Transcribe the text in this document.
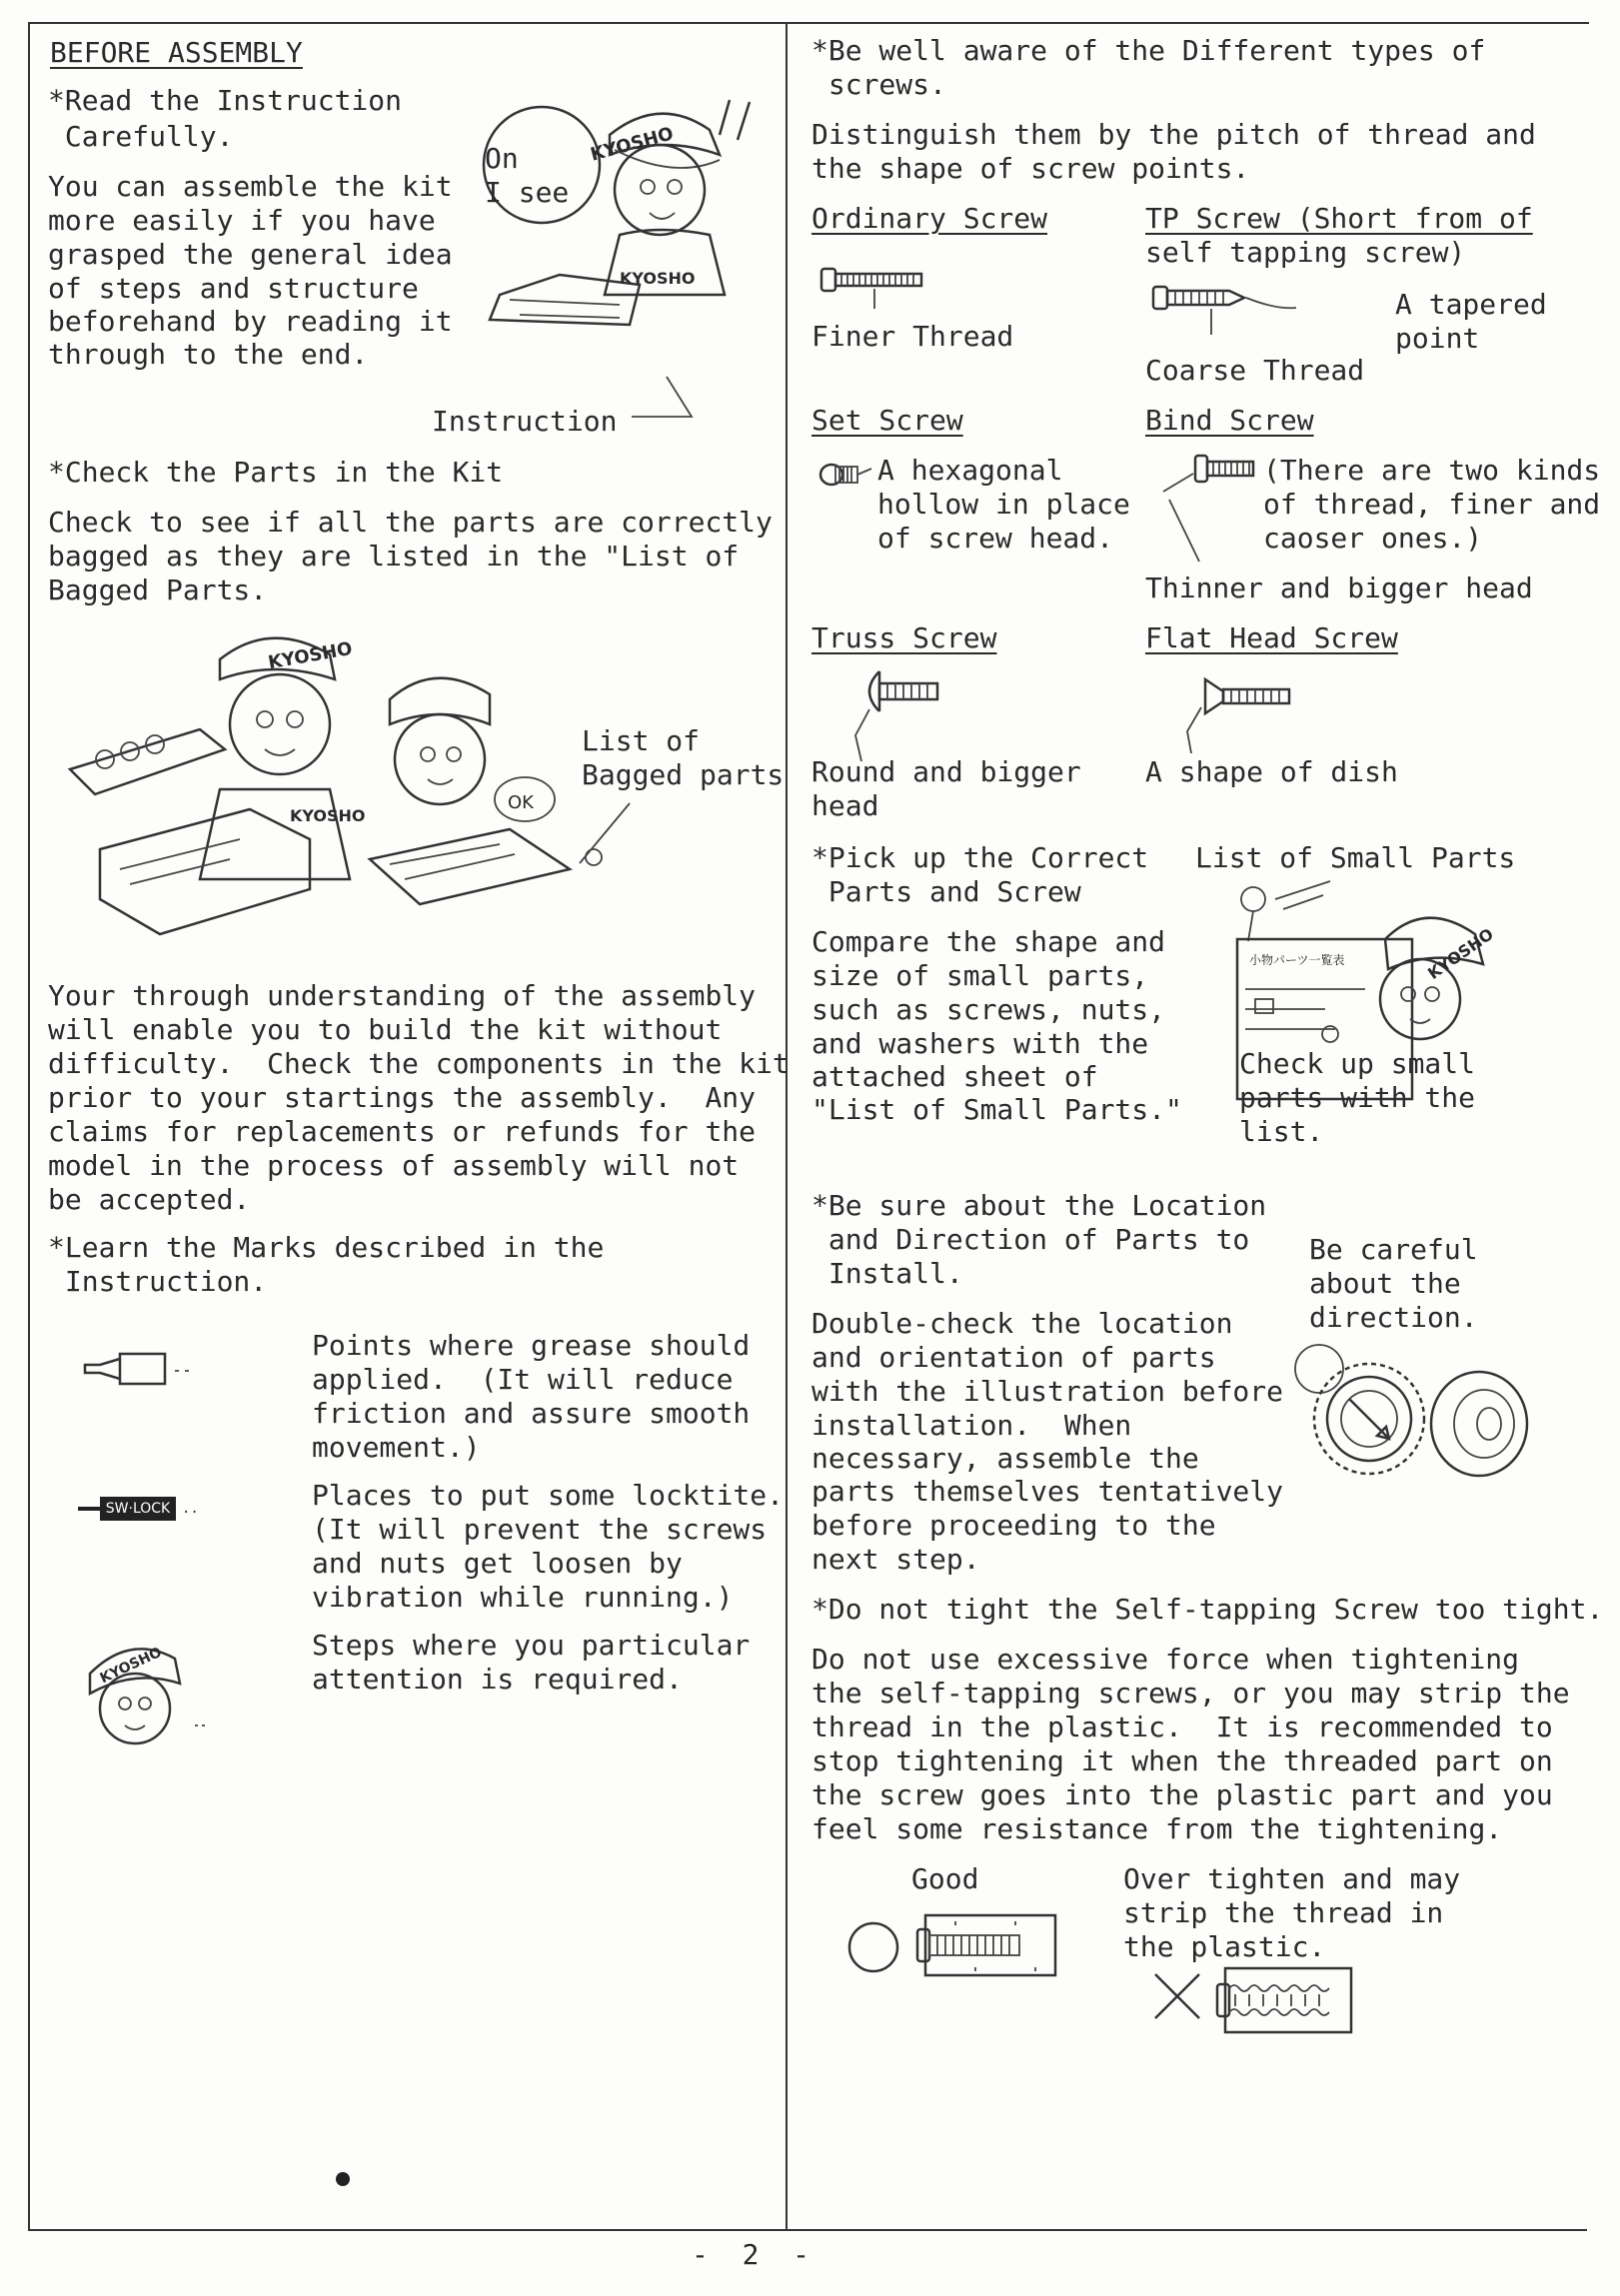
BEFORE ASSEMBLY
*Read the Instruction
Carefully.
You can assemble the kit
more easily if you have
grasped the general idea
of steps and structure
beforehand by reading it
through to the end.
On
I see
KYOSHO
KYOSHO
Instruction
*Check the Parts in the Kit
Check to see if all the parts are correctly
bagged as they are listed in the "List of
Bagged Parts.
KYOSHO
KYOSHO
OK
List of
Bagged parts
Your through understanding of the assembly
will enable you to build the kit without
difficulty.  Check the components in the kit
prior to your startings the assembly.  Any
claims for replacements or refunds for the
model in the process of assembly will not
be accepted.
*Learn the Marks described in the
Instruction.
Points where grease should
applied.  (It will reduce
friction and assure smooth
movement.)
SW·LOCK ··
Places to put some locktite.
(It will prevent the screws
and nuts get loosen by
vibration while running.)
KYOSHO	Steps where you particular
attention is required.
*Be well aware of the Different types of
screws.
Distinguish them by the pitch of thread and
the shape of screw points.
Ordinary Screw
Finer Thread
TP Screw (Short from of
self tapping screw)
A tapered
point
Coarse Thread
Set Screw
A hexagonal
hollow in place
of screw head.
Bind Screw
(There are two kinds
of thread, finer and
caoser ones.)
Thinner and bigger head
Truss Screw
Round and bigger
head
Flat Head Screw
A shape of dish
*Pick up the Correct
Parts and Screw
List of Small Parts
Compare the shape and
size of small parts,
such as screws, nuts,
and washers with the
attached sheet of
"List of Small Parts."
小物パーツ一覧表	KYOSHO
Check up small
parts with the
list.
*Be sure about the Location
and Direction of Parts to
Install.
Be careful
about the
direction.
Double-check the location
and orientation of parts
with the illustration before
installation.  When
necessary, assemble the
parts themselves tentatively
before proceeding to the
next step.
*Do not tight the Self-tapping Screw too tight.
Do not use excessive force when tightening
the self-tapping screws, or you may strip the
thread in the plastic.  It is recommended to
stop tightening it when the threaded part on
the screw goes into the plastic part and you
feel some resistance from the tightening.
Good	Over tighten and may
strip the thread in
the plastic.
-  2  -
